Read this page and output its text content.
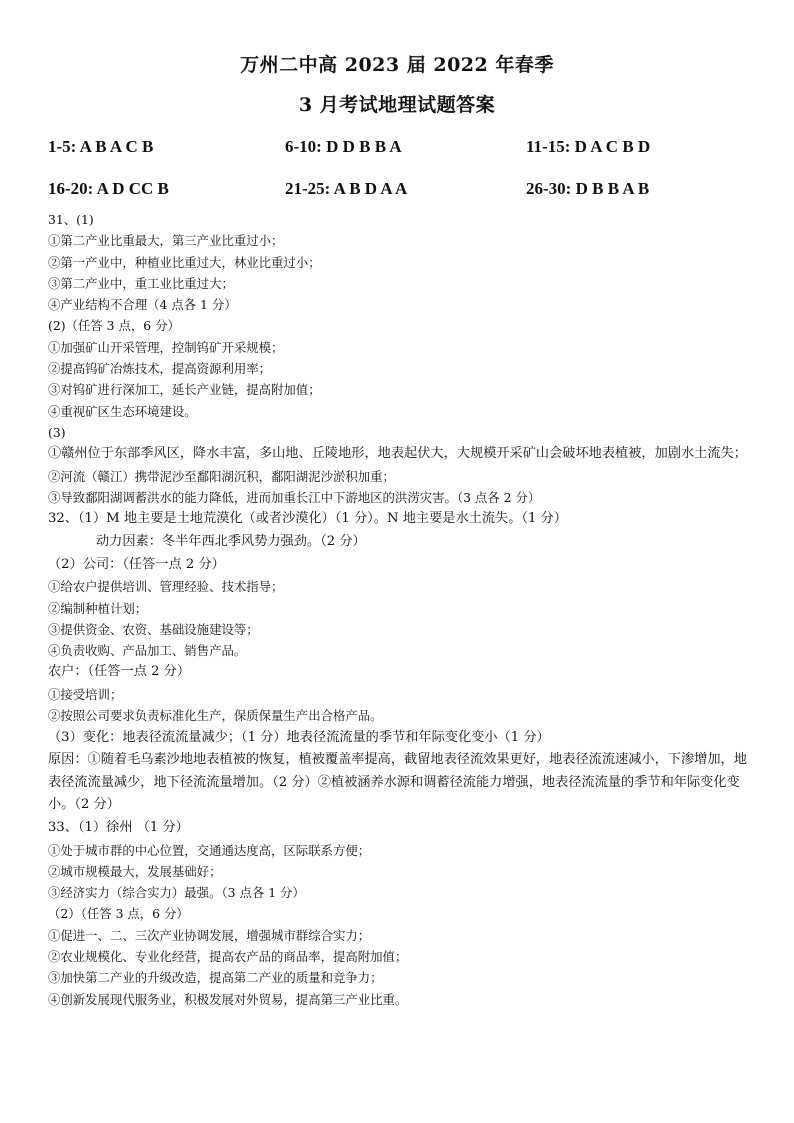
万州二中高 2023 届 2022 年春季
3 月考试地理试题答案
1-5: A B A C B	6-10: D D B B A	11-15: D A C B D
16-20: A D CC B	21-25: A B D A A	26-30: D B B A B
31、(1)
①第二产业比重最大，第三产业比重过小；
②第一产业中，种植业比重过大，林业比重过小；
③第二产业中，重工业比重过大；
④产业结构不合理（4 点各 1 分）
(2)（任答 3 点，6 分）
①加强矿山开采管理，控制钨矿开采规模；
②提高钨矿冶炼技术，提高资源利用率；
③对钨矿进行深加工，延长产业链，提高附加值；
④重视矿区生态环境建设。
(3)
①赣州位于东部季风区，降水丰富，多山地、丘陵地形，地表起伏大，大规模开采矿山会破坏地表植被，加剧水土流失；
②河流（赣江）携带泥沙至鄱阳湖沉积，鄱阳湖泥沙淤积加重；
③导致鄱阳湖调蓄洪水的能力降低，进而加重长江中下游地区的洪涝灾害。（3 点各 2 分）
32、（1）M 地主要是土地荒漠化（或者沙漠化）（1 分）。N 地主要是水土流失。（1 分）
动力因素：冬半年西北季风势力强劲。（2 分）
（2）公司：（任答一点 2 分）
①给农户提供培训、管理经验、技术指导；
②编制种植计划；
③提供资金、农资、基础设施建设等；
④负责收购、产品加工、销售产品。
农户：（任答一点 2 分）
①接受培训；
②按照公司要求负责标准化生产，保质保量生产出合格产品。
（3）变化：地表径流流量减少；（1 分）地表径流流量的季节和年际变化变小（1 分）
原因：①随着毛乌素沙地地表植被的恢复，植被覆盖率提高，截留地表径流效果更好，地表径流流速减小，下渗增加，地表径流流量减少，地下径流流量增加。（2 分）②植被涵养水源和调蓄径流能力增强，地表径流流量的季节和年际变化变小。（2 分）
33、（1）徐州 （1 分）
①处于城市群的中心位置，交通通达度高，区际联系方便；
②城市规模最大，发展基础好；
③经济实力（综合实力）最强。（3 点各 1 分）
（2）（任答 3 点，6 分）
①促进一、二、三次产业协调发展，增强城市群综合实力；
②农业规模化、专业化经营，提高农产品的商品率，提高附加值；
③加快第二产业的升级改造，提高第二产业的质量和竞争力；
④创新发展现代服务业，积极发展对外贸易，提高第三产业比重。
